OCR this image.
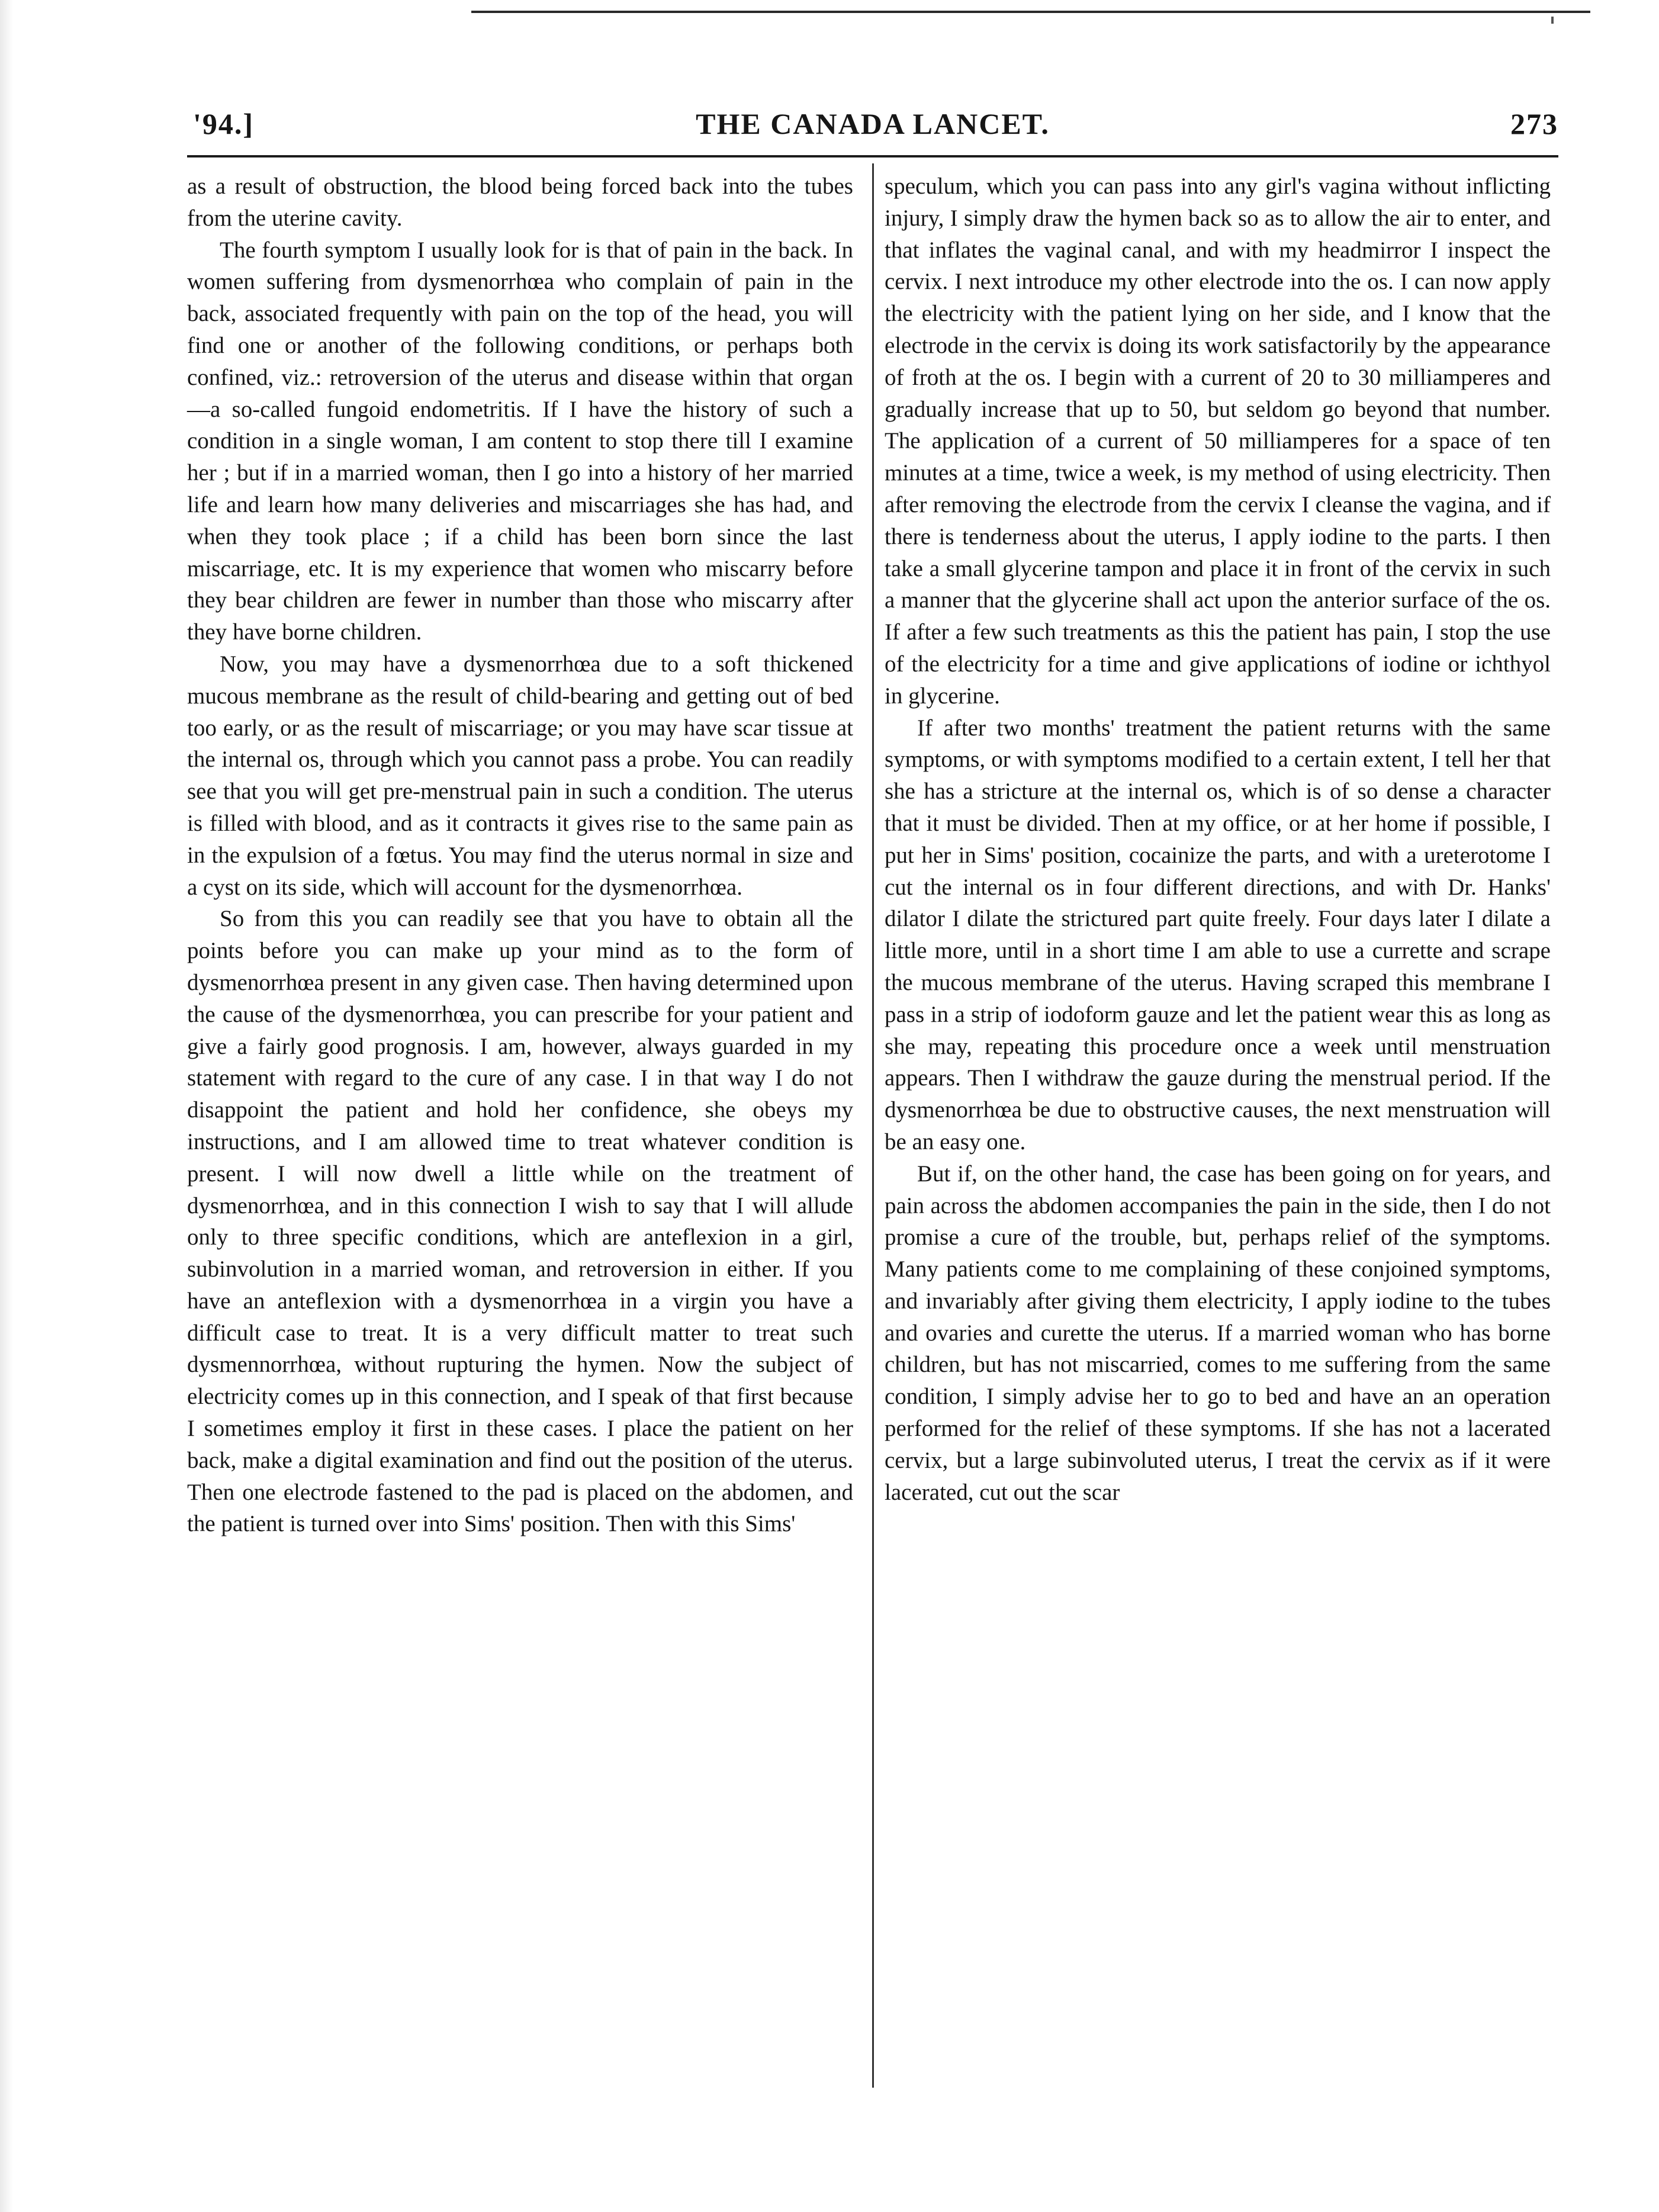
'94.]	THE CANADA LANCET.	273

as a result of obstruction, the blood being forced back into the tubes from the uterine cavity.

The fourth symptom I usually look for is that of pain in the back. In women suffering from dysmenorrhœa who complain of pain in the back, associated frequently with pain on the top of the head, you will find one or another of the following conditions, or perhaps both confined, viz.: retroversion of the uterus and disease within that organ—a so-called fungoid endometritis. If I have the history of such a condition in a single woman, I am content to stop there till I examine her ; but if in a married woman, then I go into a history of her married life and learn how many deliveries and miscarriages she has had, and when they took place ; if a child has been born since the last miscarriage, etc. It is my experience that women who miscarry before they bear children are fewer in number than those who miscarry after they have borne children.

Now, you may have a dysmenorrhœa due to a soft thickened mucous membrane as the result of child-bearing and getting out of bed too early, or as the result of miscarriage; or you may have scar tissue at the internal os, through which you cannot pass a probe. You can readily see that you will get pre-menstrual pain in such a condition. The uterus is filled with blood, and as it contracts it gives rise to the same pain as in the expulsion of a fœtus. You may find the uterus normal in size and a cyst on its side, which will account for the dysmenorrhœa.

So from this you can readily see that you have to obtain all the points before you can make up your mind as to the form of dysmenorrhœa present in any given case. Then having determined upon the cause of the dysmenorrhœa, you can prescribe for your patient and give a fairly good prognosis. I am, however, always guarded in my statement with regard to the cure of any case. I in that way I do not disappoint the patient and hold her confidence, she obeys my instructions, and I am allowed time to treat whatever condition is present. I will now dwell a little while on the treatment of dysmenorrhœa, and in this connection I wish to say that I will allude only to three specific conditions, which are anteflexion in a girl, subinvolution in a married woman, and retroversion in either. If you have an anteflexion with a dysmenorrhœa in a virgin you have a difficult case to treat. It is a very difficult matter to treat such dysmennorrhœa, without rupturing the hymen. Now the subject of electricity comes up in this connection, and I speak of that first because I sometimes employ it first in these cases. I place the patient on her back, make a digital examination and find out the position of the uterus. Then one electrode fastened to the pad is placed on the abdomen, and the patient is turned over into Sims' position. Then with this Sims'

speculum, which you can pass into any girl's vagina without inflicting injury, I simply draw the hymen back so as to allow the air to enter, and that inflates the vaginal canal, and with my headmirror I inspect the cervix. I next introduce my other electrode into the os. I can now apply the electricity with the patient lying on her side, and I know that the electrode in the cervix is doing its work satisfactorily by the appearance of froth at the os. I begin with a current of 20 to 30 milliamperes and gradually increase that up to 50, but seldom go beyond that number. The application of a current of 50 milliamperes for a space of ten minutes at a time, twice a week, is my method of using electricity. Then after removing the electrode from the cervix I cleanse the vagina, and if there is tenderness about the uterus, I apply iodine to the parts. I then take a small glycerine tampon and place it in front of the cervix in such a manner that the glycerine shall act upon the anterior surface of the os. If after a few such treatments as this the patient has pain, I stop the use of the electricity for a time and give applications of iodine or ichthyol in glycerine.

If after two months' treatment the patient returns with the same symptoms, or with symptoms modified to a certain extent, I tell her that she has a stricture at the internal os, which is of so dense a character that it must be divided. Then at my office, or at her home if possible, I put her in Sims' position, cocainize the parts, and with a ureterotome I cut the internal os in four different directions, and with Dr. Hanks' dilator I dilate the strictured part quite freely. Four days later I dilate a little more, until in a short time I am able to use a currette and scrape the mucous membrane of the uterus. Having scraped this membrane I pass in a strip of iodoform gauze and let the patient wear this as long as she may, repeating this procedure once a week until menstruation appears. Then I withdraw the gauze during the menstrual period. If the dysmenorrhœa be due to obstructive causes, the next menstruation will be an easy one.

But if, on the other hand, the case has been going on for years, and pain across the abdomen accompanies the pain in the side, then I do not promise a cure of the trouble, but, perhaps relief of the symptoms. Many patients come to me complaining of these conjoined symptoms, and invariably after giving them electricity, I apply iodine to the tubes and ovaries and curette the uterus. If a married woman who has borne children, but has not miscarried, comes to me suffering from the same condition, I simply advise her to go to bed and have an an operation performed for the relief of these symptoms. If she has not a lacerated cervix, but a large subinvoluted uterus, I treat the cervix as if it were lacerated, cut out the scar
